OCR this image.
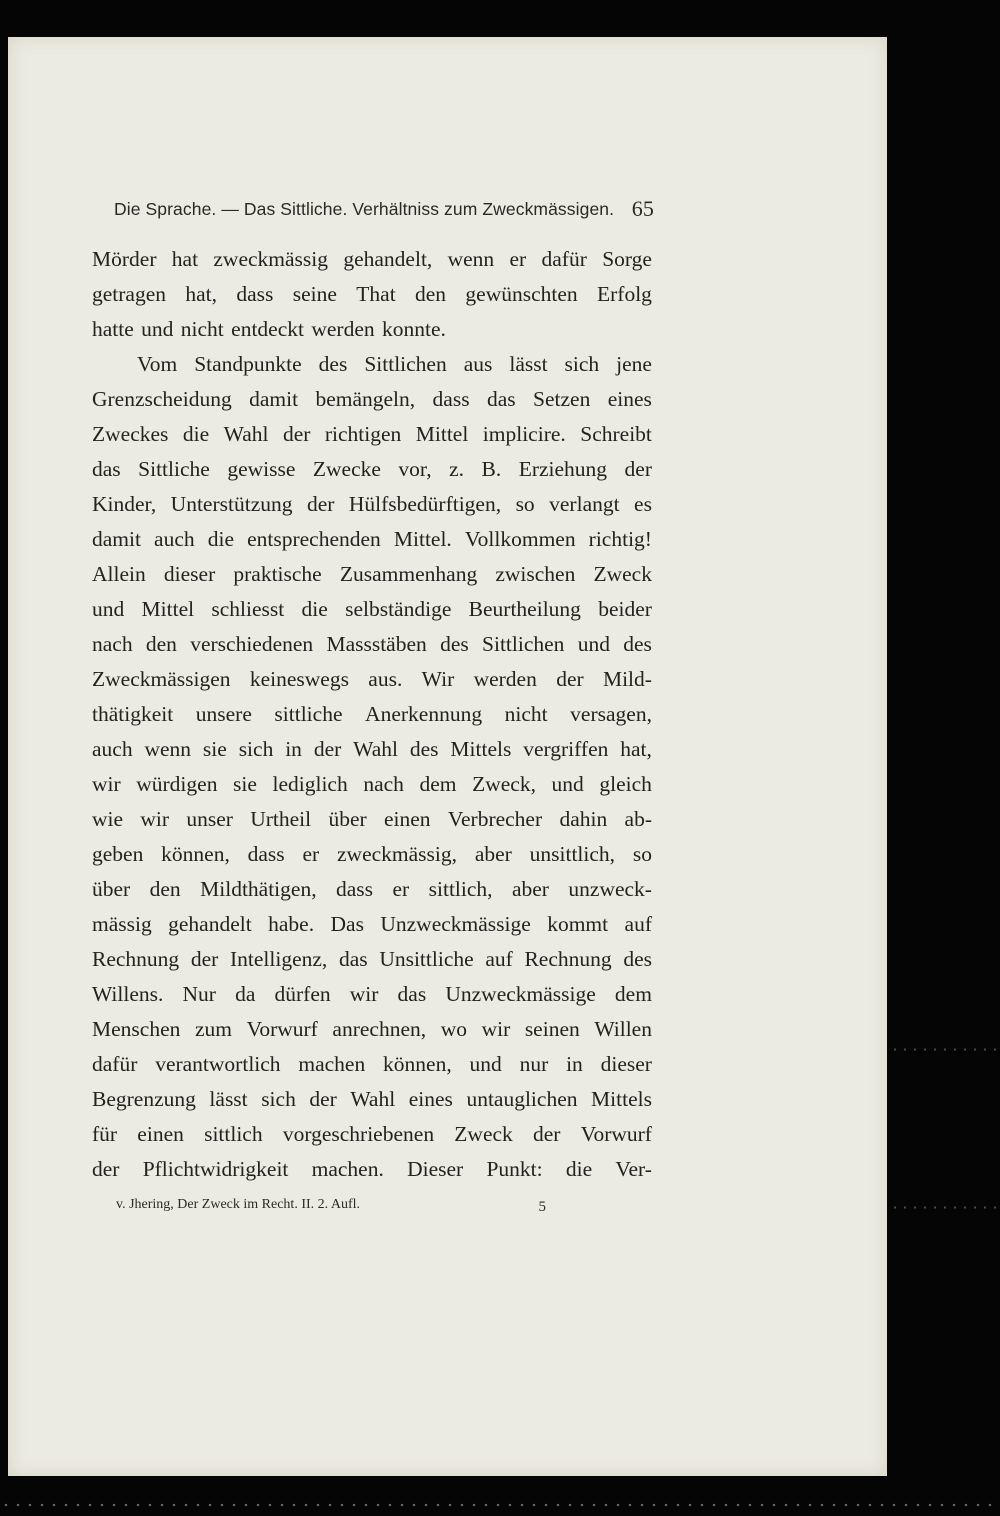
Die Sprache. — Das Sittliche. Verhältniss zum Zweckmässigen. 65
Mörder hat zweckmässig gehandelt, wenn er dafür Sorge
getragen hat, dass seine That den gewünschten Erfolg
hatte und nicht entdeckt werden konnte.
Vom Standpunkte des Sittlichen aus lässt sich jene
Grenzscheidung damit bemängeln, dass das Setzen eines
Zweckes die Wahl der richtigen Mittel implicire. Schreibt
das Sittliche gewisse Zwecke vor, z. B. Erziehung der
Kinder, Unterstützung der Hülfsbedürftigen, so verlangt es
damit auch die entsprechenden Mittel. Vollkommen richtig!
Allein dieser praktische Zusammenhang zwischen Zweck
und Mittel schliesst die selbständige Beurtheilung beider
nach den verschiedenen Massstäben des Sittlichen und des
Zweckmässigen keineswegs aus. Wir werden der Mild-
thätigkeit unsere sittliche Anerkennung nicht versagen,
auch wenn sie sich in der Wahl des Mittels vergriffen hat,
wir würdigen sie lediglich nach dem Zweck, und gleich
wie wir unser Urtheil über einen Verbrecher dahin ab-
geben können, dass er zweckmässig, aber unsittlich, so
über den Mildthätigen, dass er sittlich, aber unzweck-
mässig gehandelt habe. Das Unzweckmässige kommt auf
Rechnung der Intelligenz, das Unsittliche auf Rechnung des
Willens. Nur da dürfen wir das Unzweckmässige dem
Menschen zum Vorwurf anrechnen, wo wir seinen Willen
dafür verantwortlich machen können, und nur in dieser
Begrenzung lässt sich der Wahl eines untauglichen Mittels
für einen sittlich vorgeschriebenen Zweck der Vorwurf
der Pflichtwidrigkeit machen. Dieser Punkt: die Ver-
v. Jhering, Der Zweck im Recht. II. 2. Aufl.	5
